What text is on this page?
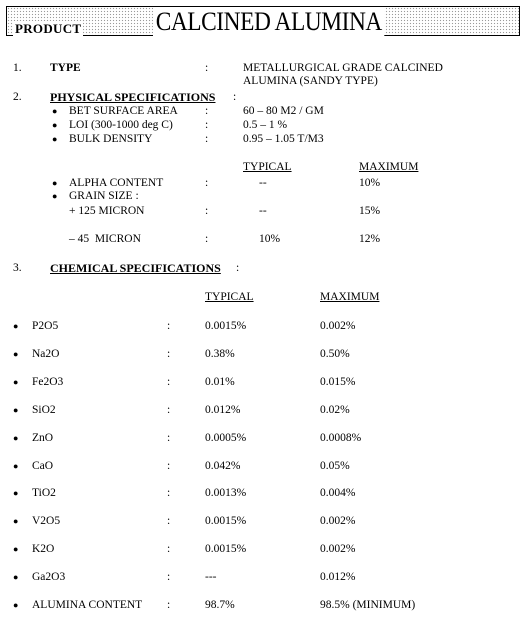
PRODUCT	CALCINED ALUMINA
1. TYPE	:	METALLURGICAL GRADE CALCINED
ALUMINA (SANDY TYPE)
2. PHYSICAL SPECIFICATIONS :
● BET SURFACE AREA :	60 – 80 M2 / GM
● LOI (300-1000 deg C)	:	0.5 – 1 %
● BULK DENSITY	:	0.95 – 1.05 T/M3
TYPICAL	MAXIMUM
● ALPHA CONTENT	:	--	10%
● GRAIN SIZE :
+ 125 MICRON	:	--	15%
– 45  MICRON	:	10%	12%
3. CHEMICAL SPECIFICATIONS :
TYPICAL	MAXIMUM
● P2O5	:	0.0015%	0.002%
● Na2O	:	0.38%	0.50%
● Fe2O3	:	0.01%	0.015%
● SiO2	:	0.012%	0.02%
● ZnO	:	0.0005%	0.0008%
● CaO	:	0.042%	0.05%
● TiO2	:	0.0013%	0.004%
● V2O5	:	0.0015%	0.002%
● K2O	:	0.0015%	0.002%
● Ga2O3	:	---	0.012%
● ALUMINA CONTENT :	98.7%	98.5% (MINIMUM)
